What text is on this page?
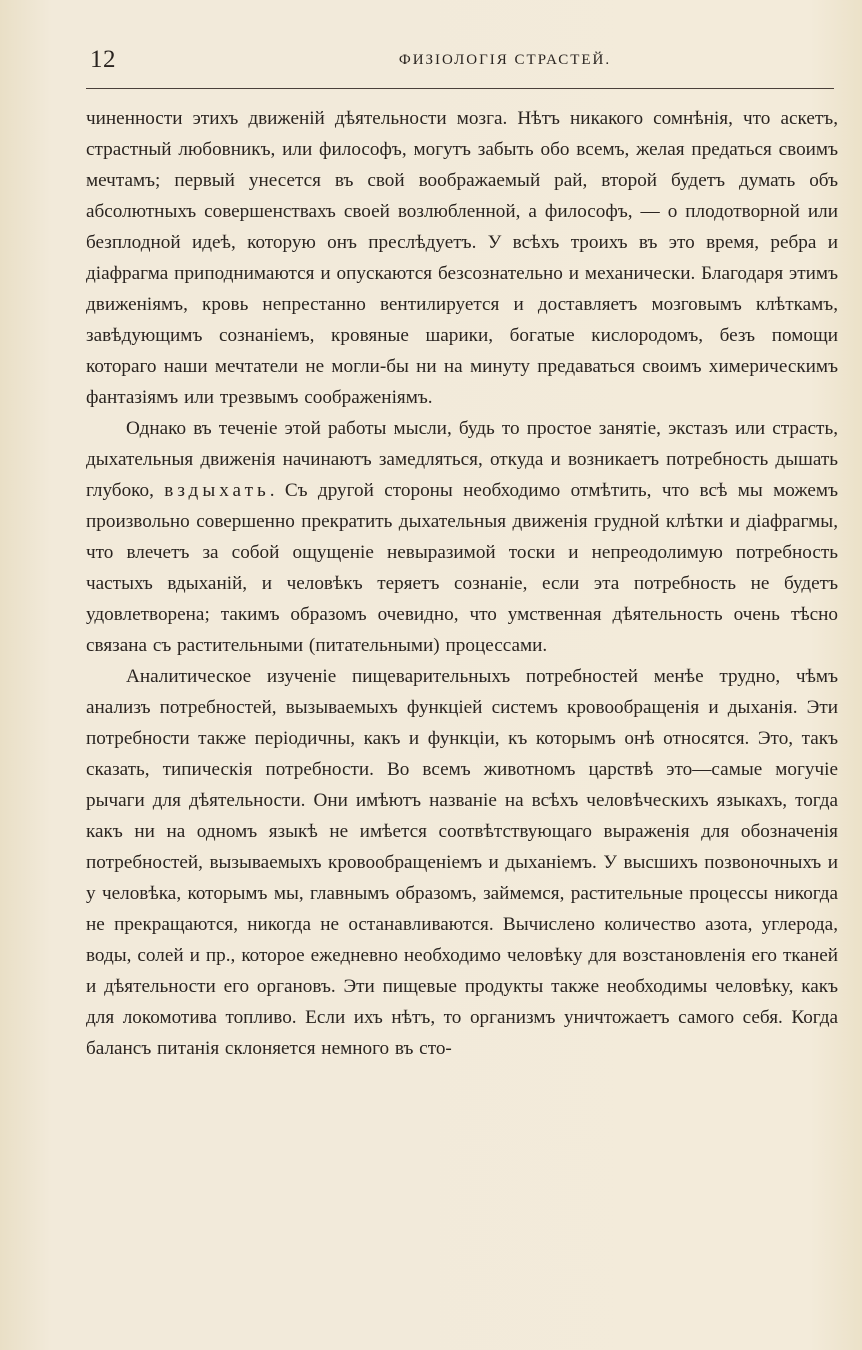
12	ФИЗІОЛОГІЯ СТРАСТЕЙ.

чиненности этихъ движеній дѣятельности мозга. Нѣтъ никакого сомнѣнія, что аскетъ, страстный любовникъ, или философъ, могутъ забыть обо всемъ, желая предаться своимъ мечтамъ; первый унесется въ свой воображаемый рай, второй будетъ думать объ абсолютныхъ совершенствахъ своей возлюбленной, а философъ, — о плодотворной или безплодной идеѣ, которую онъ преслѣдуетъ. У всѣхъ троихъ въ это время, ребра и діафрагма приподнимаются и опускаются безсознательно и механически. Благодаря этимъ движеніямъ, кровь непрестанно вентилируется и доставляетъ мозговымъ клѣткамъ, завѣдующимъ сознаніемъ, кровяные шарики, богатые кислородомъ, безъ помощи котораго наши мечтатели не могли-бы ни на минуту предаваться своимъ химерическимъ фантазіямъ или трезвымъ соображеніямъ.

Однако въ теченіе этой работы мысли, будь то простое занятіе, экстазъ или страсть, дыхательныя движенія начинаютъ замедляться, откуда и возникаетъ потребность дышать глубоко, вздыхать. Съ другой стороны необходимо отмѣтить, что всѣ мы можемъ произвольно совершенно прекратить дыхательныя движенія грудной клѣтки и діафрагмы, что влечетъ за собой ощущеніе невыразимой тоски и непреодолимую потребность частыхъ вдыханій, и человѣкъ теряетъ сознаніе, если эта потребность не будетъ удовлетворена; такимъ образомъ очевидно, что умственная дѣятельность очень тѣсно связана съ растительными (питательными) процессами.

Аналитическое изученіе пищеварительныхъ потребностей менѣе трудно, чѣмъ анализъ потребностей, вызываемыхъ функціей системъ кровообращенія и дыханія. Эти потребности также періодичны, какъ и функціи, къ которымъ онѣ относятся. Это, такъ сказать, типическія потребности. Во всемъ животномъ царствѣ это—самые могучіе рычаги для дѣятельности. Они имѣютъ названіе на всѣхъ человѣческихъ языкахъ, тогда какъ ни на одномъ языкѣ не имѣется соотвѣтствующаго выраженія для обозначенія потребностей, вызываемыхъ кровообращеніемъ и дыханіемъ. У высшихъ позвоночныхъ и у человѣка, которымъ мы, главнымъ образомъ, займемся, растительные процессы никогда не прекращаются, никогда не останавливаются. Вычислено количество азота, углерода, воды, солей и пр., которое ежедневно необходимо человѣку для возстановленія его тканей и дѣятельности его органовъ. Эти пищевые продукты также необходимы человѣку, какъ для локомотива топливо. Если ихъ нѣтъ, то организмъ уничтожаетъ самого себя. Когда балансъ питанія склоняется немного въ сто-
